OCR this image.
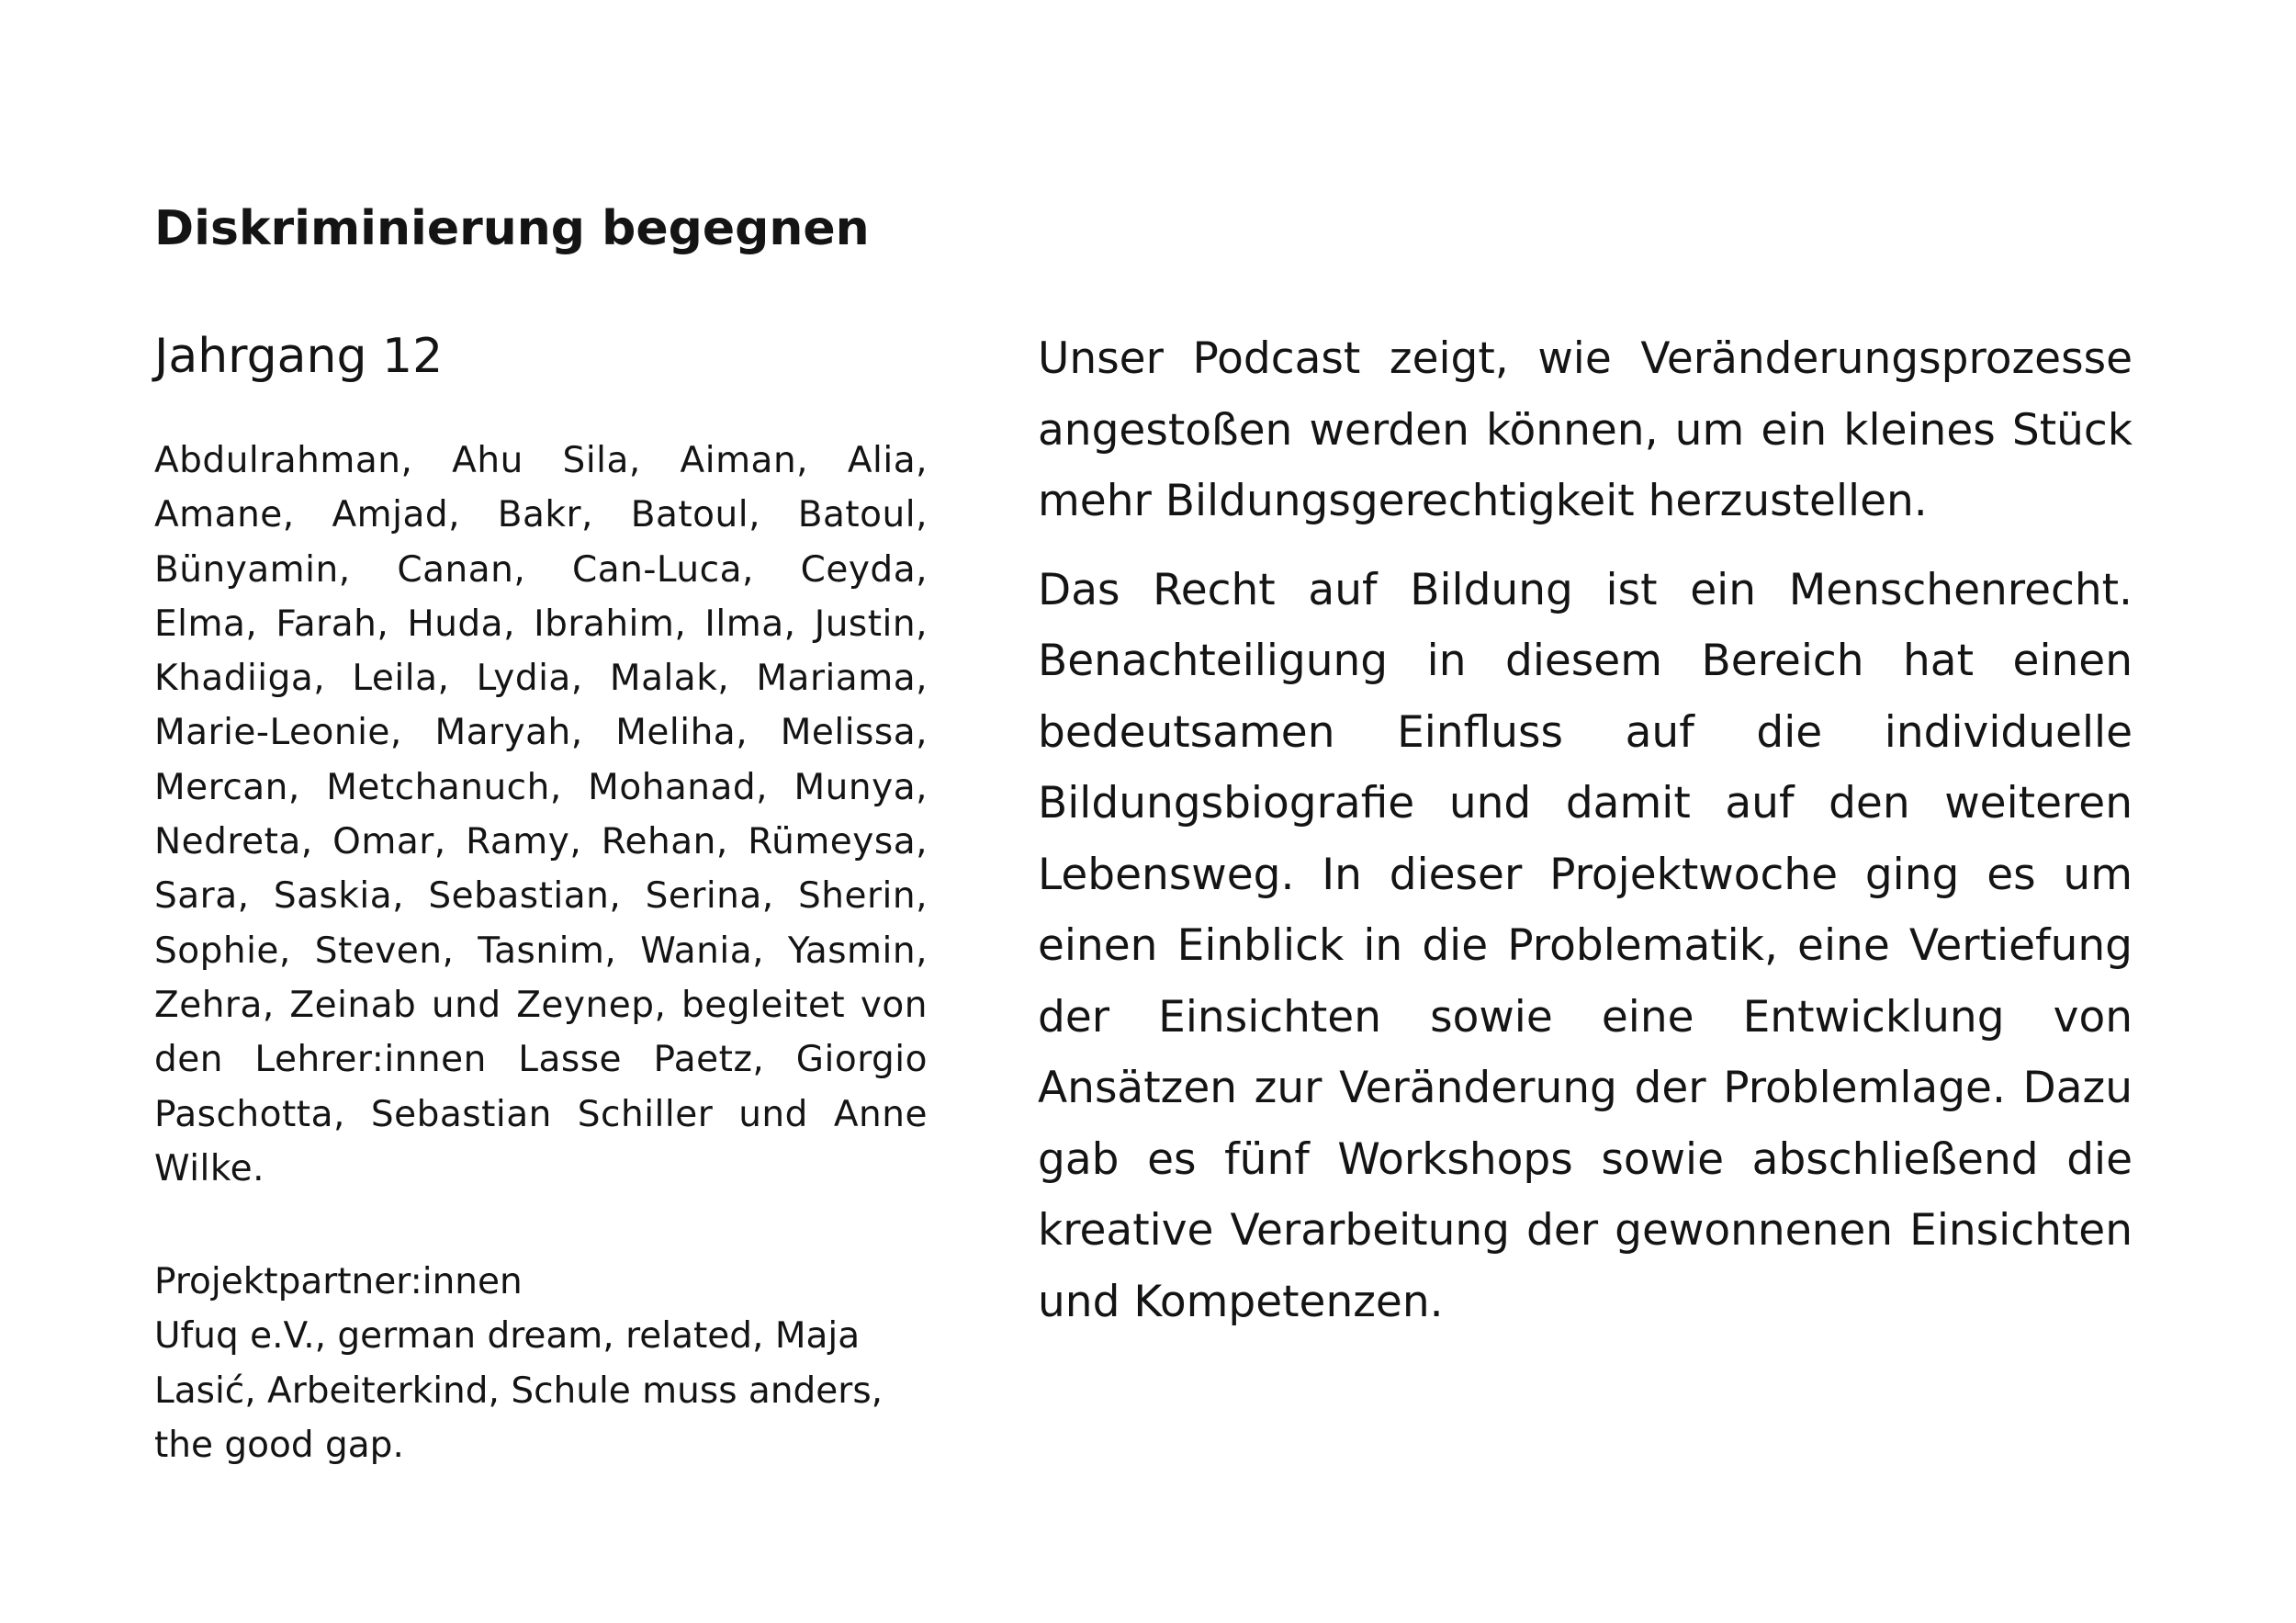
Diskriminierung begegnen
Jahrgang 12

Abdulrahman, Ahu Sila, Aiman, Alia, Amane, Amjad, Bakr, Batoul, Batoul, Bünyamin, Canan, Can-Luca, Ceyda, Elma, Farah, Huda, Ibrahim, Ilma, Justin, Khadiiga, Leila, Lydia, Malak, Mariama, Marie-Leonie, Maryah, Meliha, Melissa, Mercan, Metchanuch, Mohanad, Munya, Nedreta, Omar, Ramy, Rehan, Rümeysa, Sara, Saskia, Sebastian, Serina, Sherin, Sophie, Steven, Tasnim, Wania, Yasmin, Zehra, Zeinab und Zeynep, begleitet von den Lehrer:innen Lasse Paetz, Giorgio Paschotta, Sebastian Schiller und Anne Wilke.

Projektpartner:innen

Ufuq e.V., german dream, related, Maja Lasić, Arbeiterkind, Schule muss anders, the good gap.

Unser Podcast zeigt, wie Veränderungsprozesse angestoßen werden können, um ein kleines Stück mehr Bildungsgerechtigkeit herzustellen.

Das Recht auf Bildung ist ein Menschenrecht. Benachteiligung in diesem Bereich hat einen bedeutsamen Einfluss auf die individuelle Bildungsbiografie und damit auf den weiteren Lebensweg. In dieser Projektwoche ging es um einen Einblick in die Problematik, eine Vertiefung der Einsichten sowie eine Entwicklung von Ansätzen zur Veränderung der Problemlage. Dazu gab es fünf Workshops sowie abschließend die kreative Verarbeitung der gewonnenen Einsichten und Kompetenzen.
